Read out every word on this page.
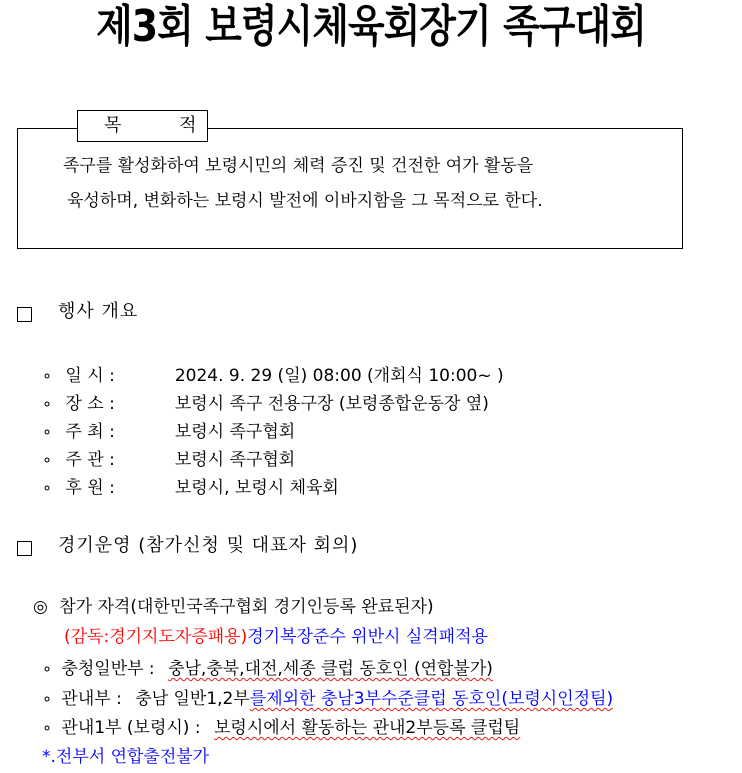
제3회 보령시체육회장기 족구대회
목 적
족구를 활성화하여 보령시민의 체력 증진 및 건전한 여가 활동을
육성하며, 변화하는 보령시 발전에 이바지함을 그 목적으로 한다.
행사 개요
∘ 일 시 :	2024. 9. 29 (일) 08:00 (개회식 10:00~ )
∘ 장 소 :	보령시 족구 전용구장 (보령종합운동장 옆)
∘ 주 최 :	보령시 족구협회
∘ 주 관 :	보령시 족구협회
∘ 후 원 :	보령시, 보령시 체육회
경기운영 (참가신청 및 대표자 회의)
◎ 참가 자격(대한민국족구협회 경기인등록 완료된자)
(감독:경기지도자증패용)경기복장준수 위반시 실격패적용
∘ 충청일반부 : 충남,충북,대전,세종 클럽 동호인 (연합불가)
∘ 관내부 : 충남 일반1,2부를제외한 충남3부수준클럽 동호인(보령시인정팀)
∘ 관내1부 (보령시) : 보령시에서 활동하는 관내2부등록 클럽팀
*.전부서 연합출전불가
